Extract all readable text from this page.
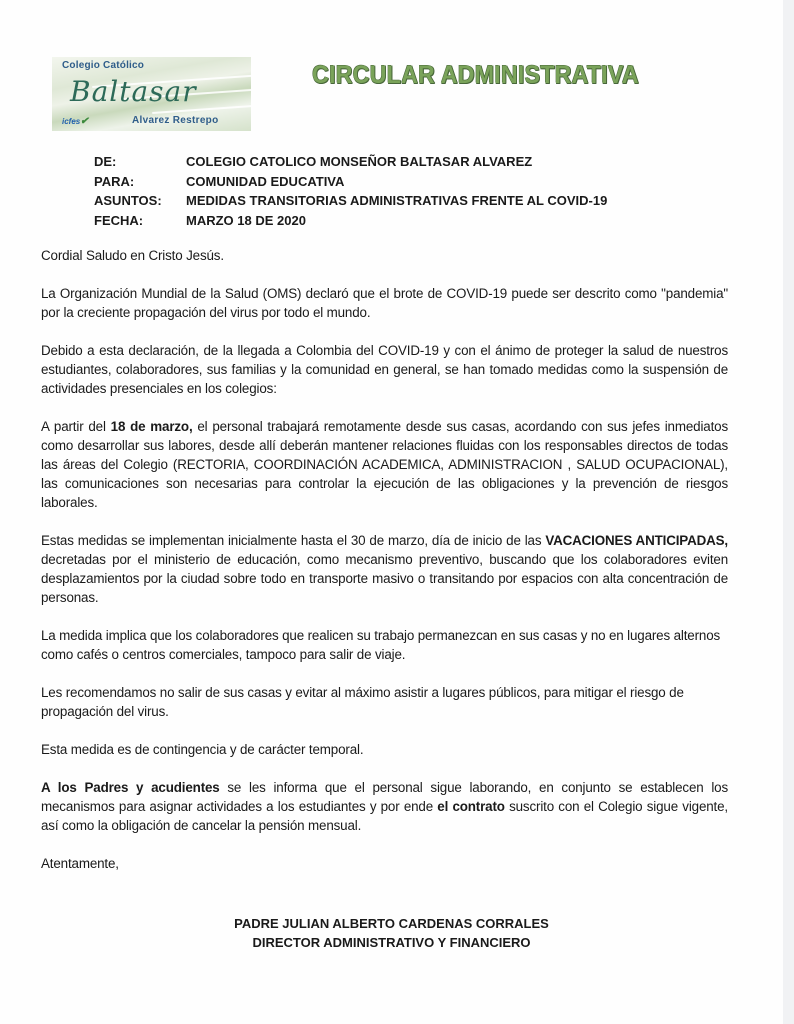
Colegio Católico
Baltasar
icfes✔	Alvarez Restrepo
CIRCULAR ADMINISTRATIVA
DE:	COLEGIO CATOLICO MONSEÑOR BALTASAR ALVAREZ
PARA:	COMUNIDAD EDUCATIVA
ASUNTOS:	MEDIDAS TRANSITORIAS ADMINISTRATIVAS FRENTE AL COVID-19
FECHA:	MARZO 18 DE 2020

Cordial Saludo en Cristo Jesús.

La Organización Mundial de la Salud (OMS) declaró que el brote de COVID-19 puede ser descrito como "pandemia" por la creciente propagación del virus por todo el mundo.

Debido a esta declaración, de la llegada a Colombia del COVID-19 y con el ánimo de proteger la salud de nuestros estudiantes, colaboradores, sus familias y la comunidad en general, se han tomado medidas como la suspensión de actividades presenciales en los colegios:

A partir del 18 de marzo, el personal trabajará remotamente desde sus casas, acordando con sus jefes inmediatos como desarrollar sus labores, desde allí deberán mantener relaciones fluidas con los responsables directos de todas las áreas del Colegio (RECTORIA, COORDINACIÓN ACADEMICA, ADMINISTRACION , SALUD OCUPACIONAL), las comunicaciones son necesarias para controlar la ejecución de las obligaciones y la prevención de riesgos laborales.

Estas medidas se implementan inicialmente hasta el 30 de marzo, día de inicio de las VACACIONES ANTICIPADAS, decretadas por el ministerio de educación, como mecanismo preventivo, buscando que los colaboradores eviten desplazamientos por la ciudad sobre todo en transporte masivo o transitando por espacios con alta concentración de personas.

La medida implica que los colaboradores que realicen su trabajo permanezcan en sus casas y no en lugares alternos como cafés o centros comerciales, tampoco para salir de viaje.

Les recomendamos no salir de sus casas y evitar al máximo asistir a lugares públicos, para mitigar el riesgo de propagación del virus.

Esta medida es de contingencia y de carácter temporal.

A los Padres y acudientes se les informa que el personal sigue laborando, en conjunto se establecen los mecanismos para asignar actividades a los estudiantes y por ende el contrato suscrito con el Colegio sigue vigente, así como la obligación de cancelar la pensión mensual.

Atentamente,

PADRE JULIAN ALBERTO CARDENAS CORRALES
DIRECTOR ADMINISTRATIVO Y FINANCIERO
